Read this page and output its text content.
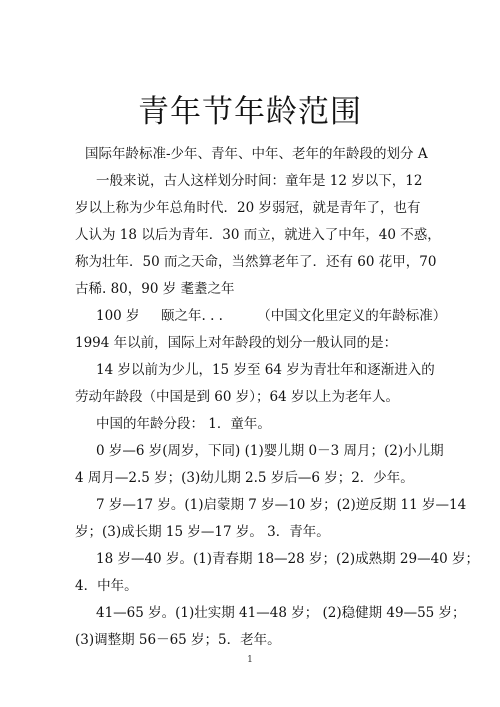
青年节年龄范围
国际年龄标准-少年、青年、中年、老年的年龄段的划分 A
一般来说，古人这样划分时间：童年是 12 岁以下，12
岁以上称为少年总角时代．20 岁弱冠，就是青年了，也有
人认为 18 以后为青年．30 而立，就进入了中年，40 不惑，
称为壮年．50 而之天命，当然算老年了．还有 60 花甲，70
古稀. 80，90 岁 耄耋之年
100 岁     颐之年. . .        （中国文化里定义的年龄标准）
1994 年以前，国际上对年龄段的划分一般认同的是：
14 岁以前为少儿，15 岁至 64 岁为青壮年和逐渐进入的
劳动年龄段（中国是到 60 岁）；64 岁以上为老年人。
中国的年龄分段： 1．童年。
0 岁—6 岁(周岁，下同) (1)婴儿期 0－3 周月；(2)小儿期
4 周月—2.5 岁；(3)幼儿期 2.5 岁后—6 岁；2．少年。
7 岁—17 岁。(1)启蒙期 7 岁—10 岁；(2)逆反期 11 岁—14
岁；(3)成长期 15 岁—17 岁。 3．青年。
18 岁—40 岁。(1)青春期 18—28 岁；(2)成熟期 29—40 岁；
4．中年。
41—65 岁。(1)壮实期 41—48 岁； (2)稳健期 49—55 岁；
(3)调整期 56－65 岁；5．老年。
1
